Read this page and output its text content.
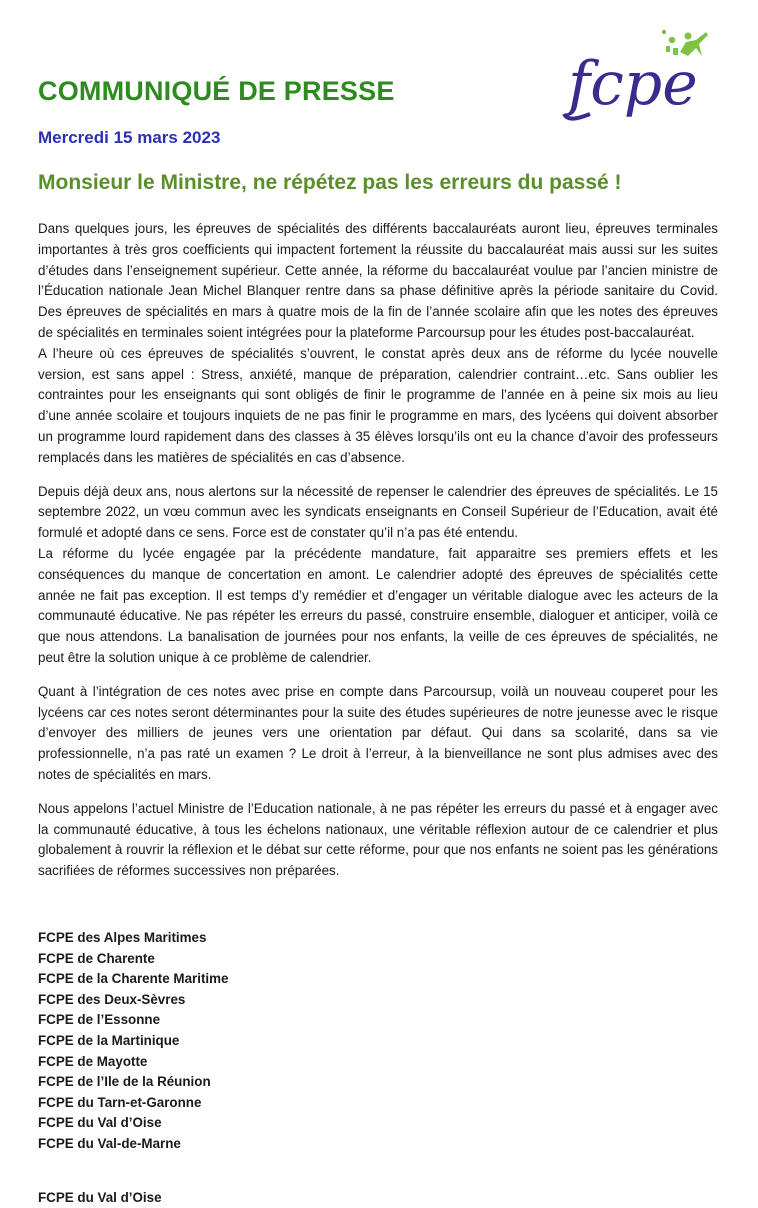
COMMUNIQUÉ DE PRESSE	fcpe
Mercredi 15 mars 2023
Monsieur le Ministre, ne répétez pas les erreurs du passé !

Dans quelques jours, les épreuves de spécialités des différents baccalauréats auront lieu, épreuves terminales importantes à très gros coefficients qui impactent fortement la réussite du baccalauréat mais aussi sur les suites d’études dans l’enseignement supérieur. Cette année, la réforme du baccalauréat voulue par l’ancien ministre de l’Éducation nationale Jean Michel Blanquer rentre dans sa phase définitive après la période sanitaire du Covid. Des épreuves de spécialités en mars à quatre mois de la fin de l’année scolaire afin que les notes des épreuves de spécialités en terminales soient intégrées pour la plateforme Parcoursup pour les études post-baccalauréat.

A l’heure où ces épreuves de spécialités s’ouvrent, le constat après deux ans de réforme du lycée nouvelle version, est sans appel : Stress, anxiété, manque de préparation, calendrier contraint…etc. Sans oublier les contraintes pour les enseignants qui sont obligés de finir le programme de l’année en à peine six mois au lieu d’une année scolaire et toujours inquiets de ne pas finir le programme en mars, des lycéens qui doivent absorber un programme lourd rapidement dans des classes à 35 élèves lorsqu’ils ont eu la chance d’avoir des professeurs remplacés dans les matières de spécialités en cas d’absence.

Depuis déjà deux ans, nous alertons sur la nécessité de repenser le calendrier des épreuves de spécialités. Le 15 septembre 2022, un vœu commun avec les syndicats enseignants en Conseil Supérieur de l’Education, avait été formulé et adopté dans ce sens. Force est de constater qu’il n’a pas été entendu.

La réforme du lycée engagée par la précédente mandature, fait apparaitre ses premiers effets et les conséquences du manque de concertation en amont. Le calendrier adopté des épreuves de spécialités cette année ne fait pas exception. Il est temps d’y remédier et d’engager un véritable dialogue avec les acteurs de la communauté éducative. Ne pas répéter les erreurs du passé, construire ensemble, dialoguer et anticiper, voilà ce que nous attendons. La banalisation de journées pour nos enfants, la veille de ces épreuves de spécialités, ne peut être la solution unique à ce problème de calendrier.

Quant à l’intégration de ces notes avec prise en compte dans Parcoursup, voilà un nouveau couperet pour les lycéens car ces notes seront déterminantes pour la suite des études supérieures de notre jeunesse avec le risque d’envoyer des milliers de jeunes vers une orientation par défaut. Qui dans sa scolarité, dans sa vie professionnelle, n’a pas raté un examen ? Le droit à l’erreur, à la bienveillance ne sont plus admises avec des notes de spécialités en mars.

Nous appelons l’actuel Ministre de l’Education nationale, à ne pas répéter les erreurs du passé et à engager avec la communauté éducative, à tous les échelons nationaux, une véritable réflexion autour de ce calendrier et plus globalement à rouvrir la réflexion et le débat sur cette réforme, pour que nos enfants ne soient pas les générations sacrifiées de réformes successives non préparées.

FCPE des Alpes Maritimes
FCPE de Charente
FCPE de la Charente Maritime
FCPE des Deux-Sèvres
FCPE de l’Essonne
FCPE de la Martinique
FCPE de Mayotte
FCPE de l’Ile de la Réunion
FCPE du Tarn-et-Garonne
FCPE du Val d’Oise
FCPE du Val-de-Marne
FCPE du Val d’Oise
